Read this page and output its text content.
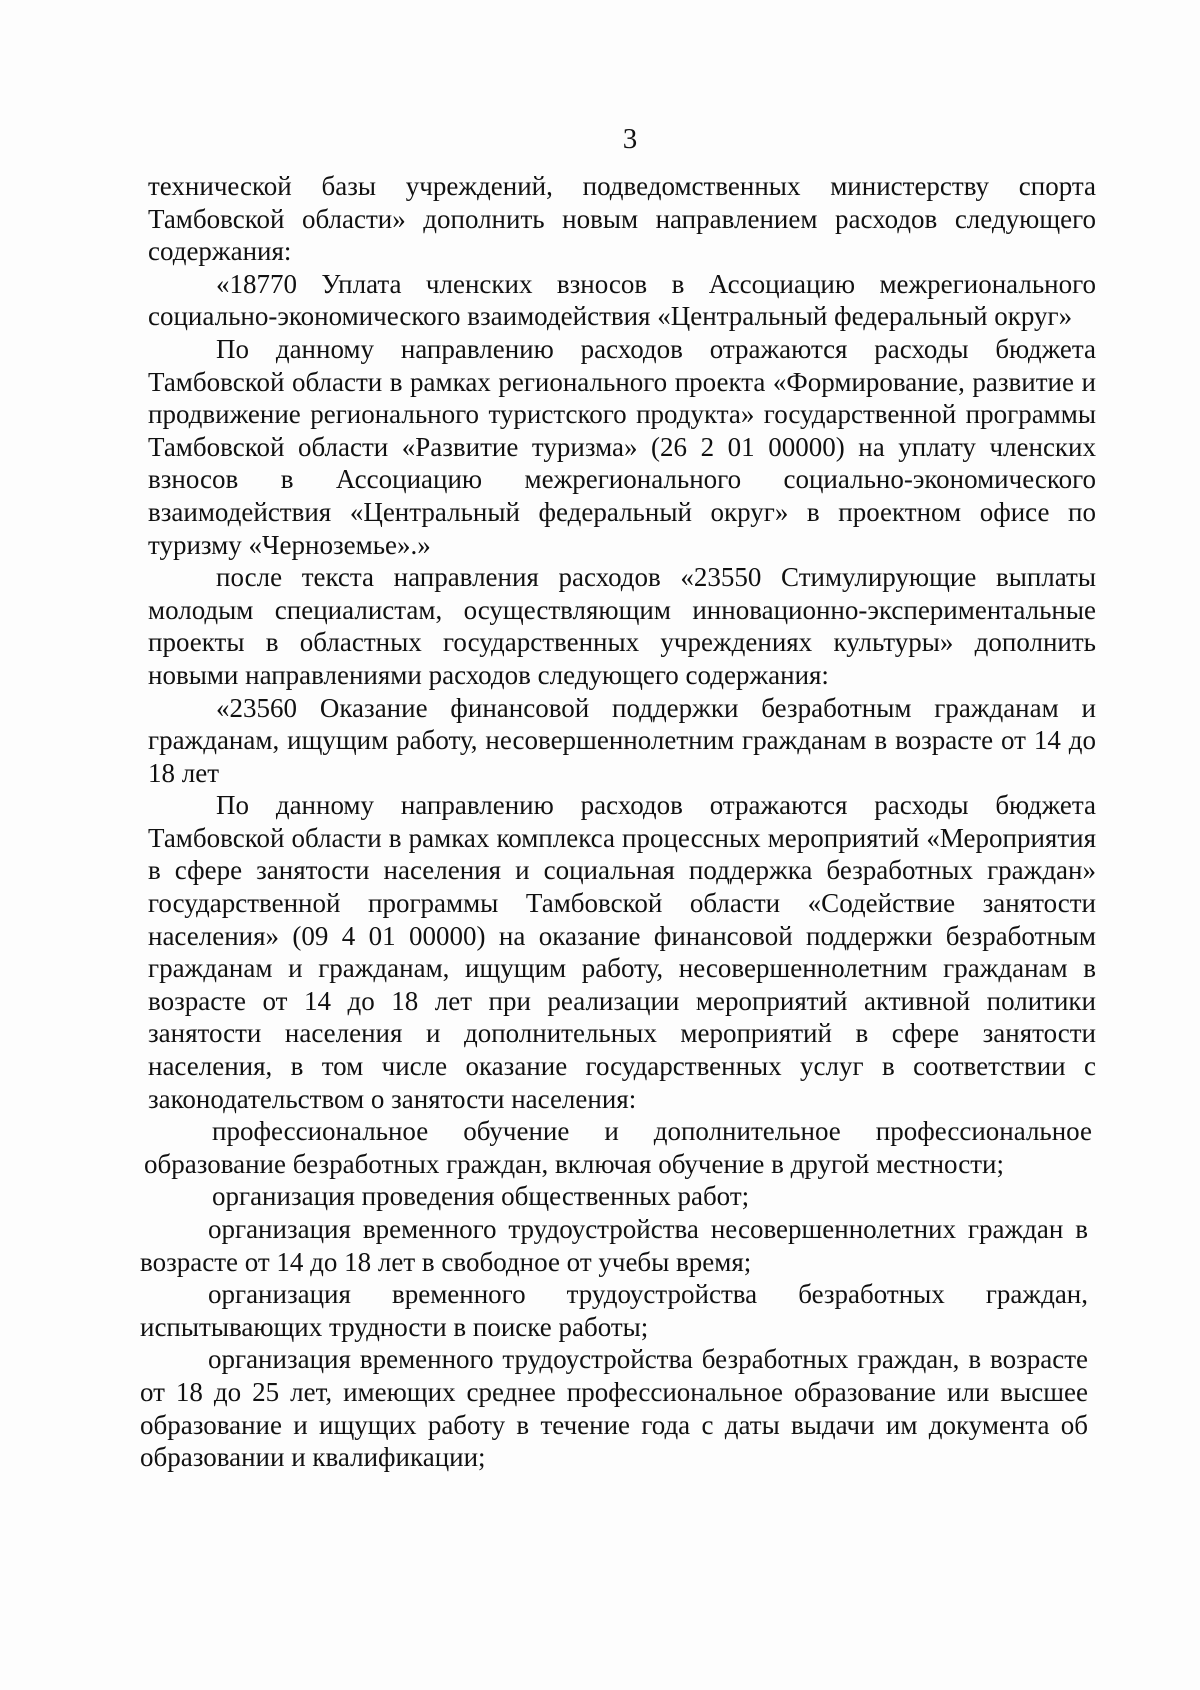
3

технической базы учреждений, подведомственных министерству спорта Тамбовской области» дополнить новым направлением расходов следующего содержания:

«18770 Уплата членских взносов в Ассоциацию межрегионального социально-экономического взаимодействия «Центральный федеральный округ»

По данному направлению расходов отражаются расходы бюджета Тамбовской области в рамках регионального проекта «Формирование, развитие и продвижение регионального туристского продукта» государственной программы Тамбовской области «Развитие туризма» (26 2 01 00000) на уплату членских взносов в Ассоциацию межрегионального социально-экономического взаимодействия «Центральный федеральный округ» в проектном офисе по туризму «Черноземье».»

после текста направления расходов «23550 Стимулирующие выплаты молодым специалистам, осуществляющим инновационно-экспериментальные проекты в областных государственных учреждениях культуры» дополнить новыми направлениями расходов следующего содержания:

«23560 Оказание финансовой поддержки безработным гражданам и гражданам, ищущим работу, несовершеннолетним гражданам в возрасте от 14 до 18 лет

По данному направлению расходов отражаются расходы бюджета Тамбовской области в рамках комплекса процессных мероприятий «Мероприятия в сфере занятости населения и социальная поддержка безработных граждан» государственной программы Тамбовской области «Содействие занятости населения» (09 4 01 00000) на оказание финансовой поддержки безработным гражданам и гражданам, ищущим работу, несовершеннолетним гражданам в возрасте от 14 до 18 лет при реализации мероприятий активной политики занятости населения и дополнительных мероприятий в сфере занятости населения, в том числе оказание государственных услуг в соответствии с законодательством о занятости населения:

профессиональное обучение и дополнительное профессиональное образование безработных граждан, включая обучение в другой местности;

организация проведения общественных работ;

организация временного трудоустройства несовершеннолетних граждан в возрасте от 14 до 18 лет в свободное от учебы время;

организация временного трудоустройства безработных граждан, испытывающих трудности в поиске работы;

организация временного трудоустройства безработных граждан, в возрасте от 18 до 25 лет, имеющих среднее профессиональное образование или высшее образование и ищущих работу в течение года с даты выдачи им документа об образовании и квалификации;
